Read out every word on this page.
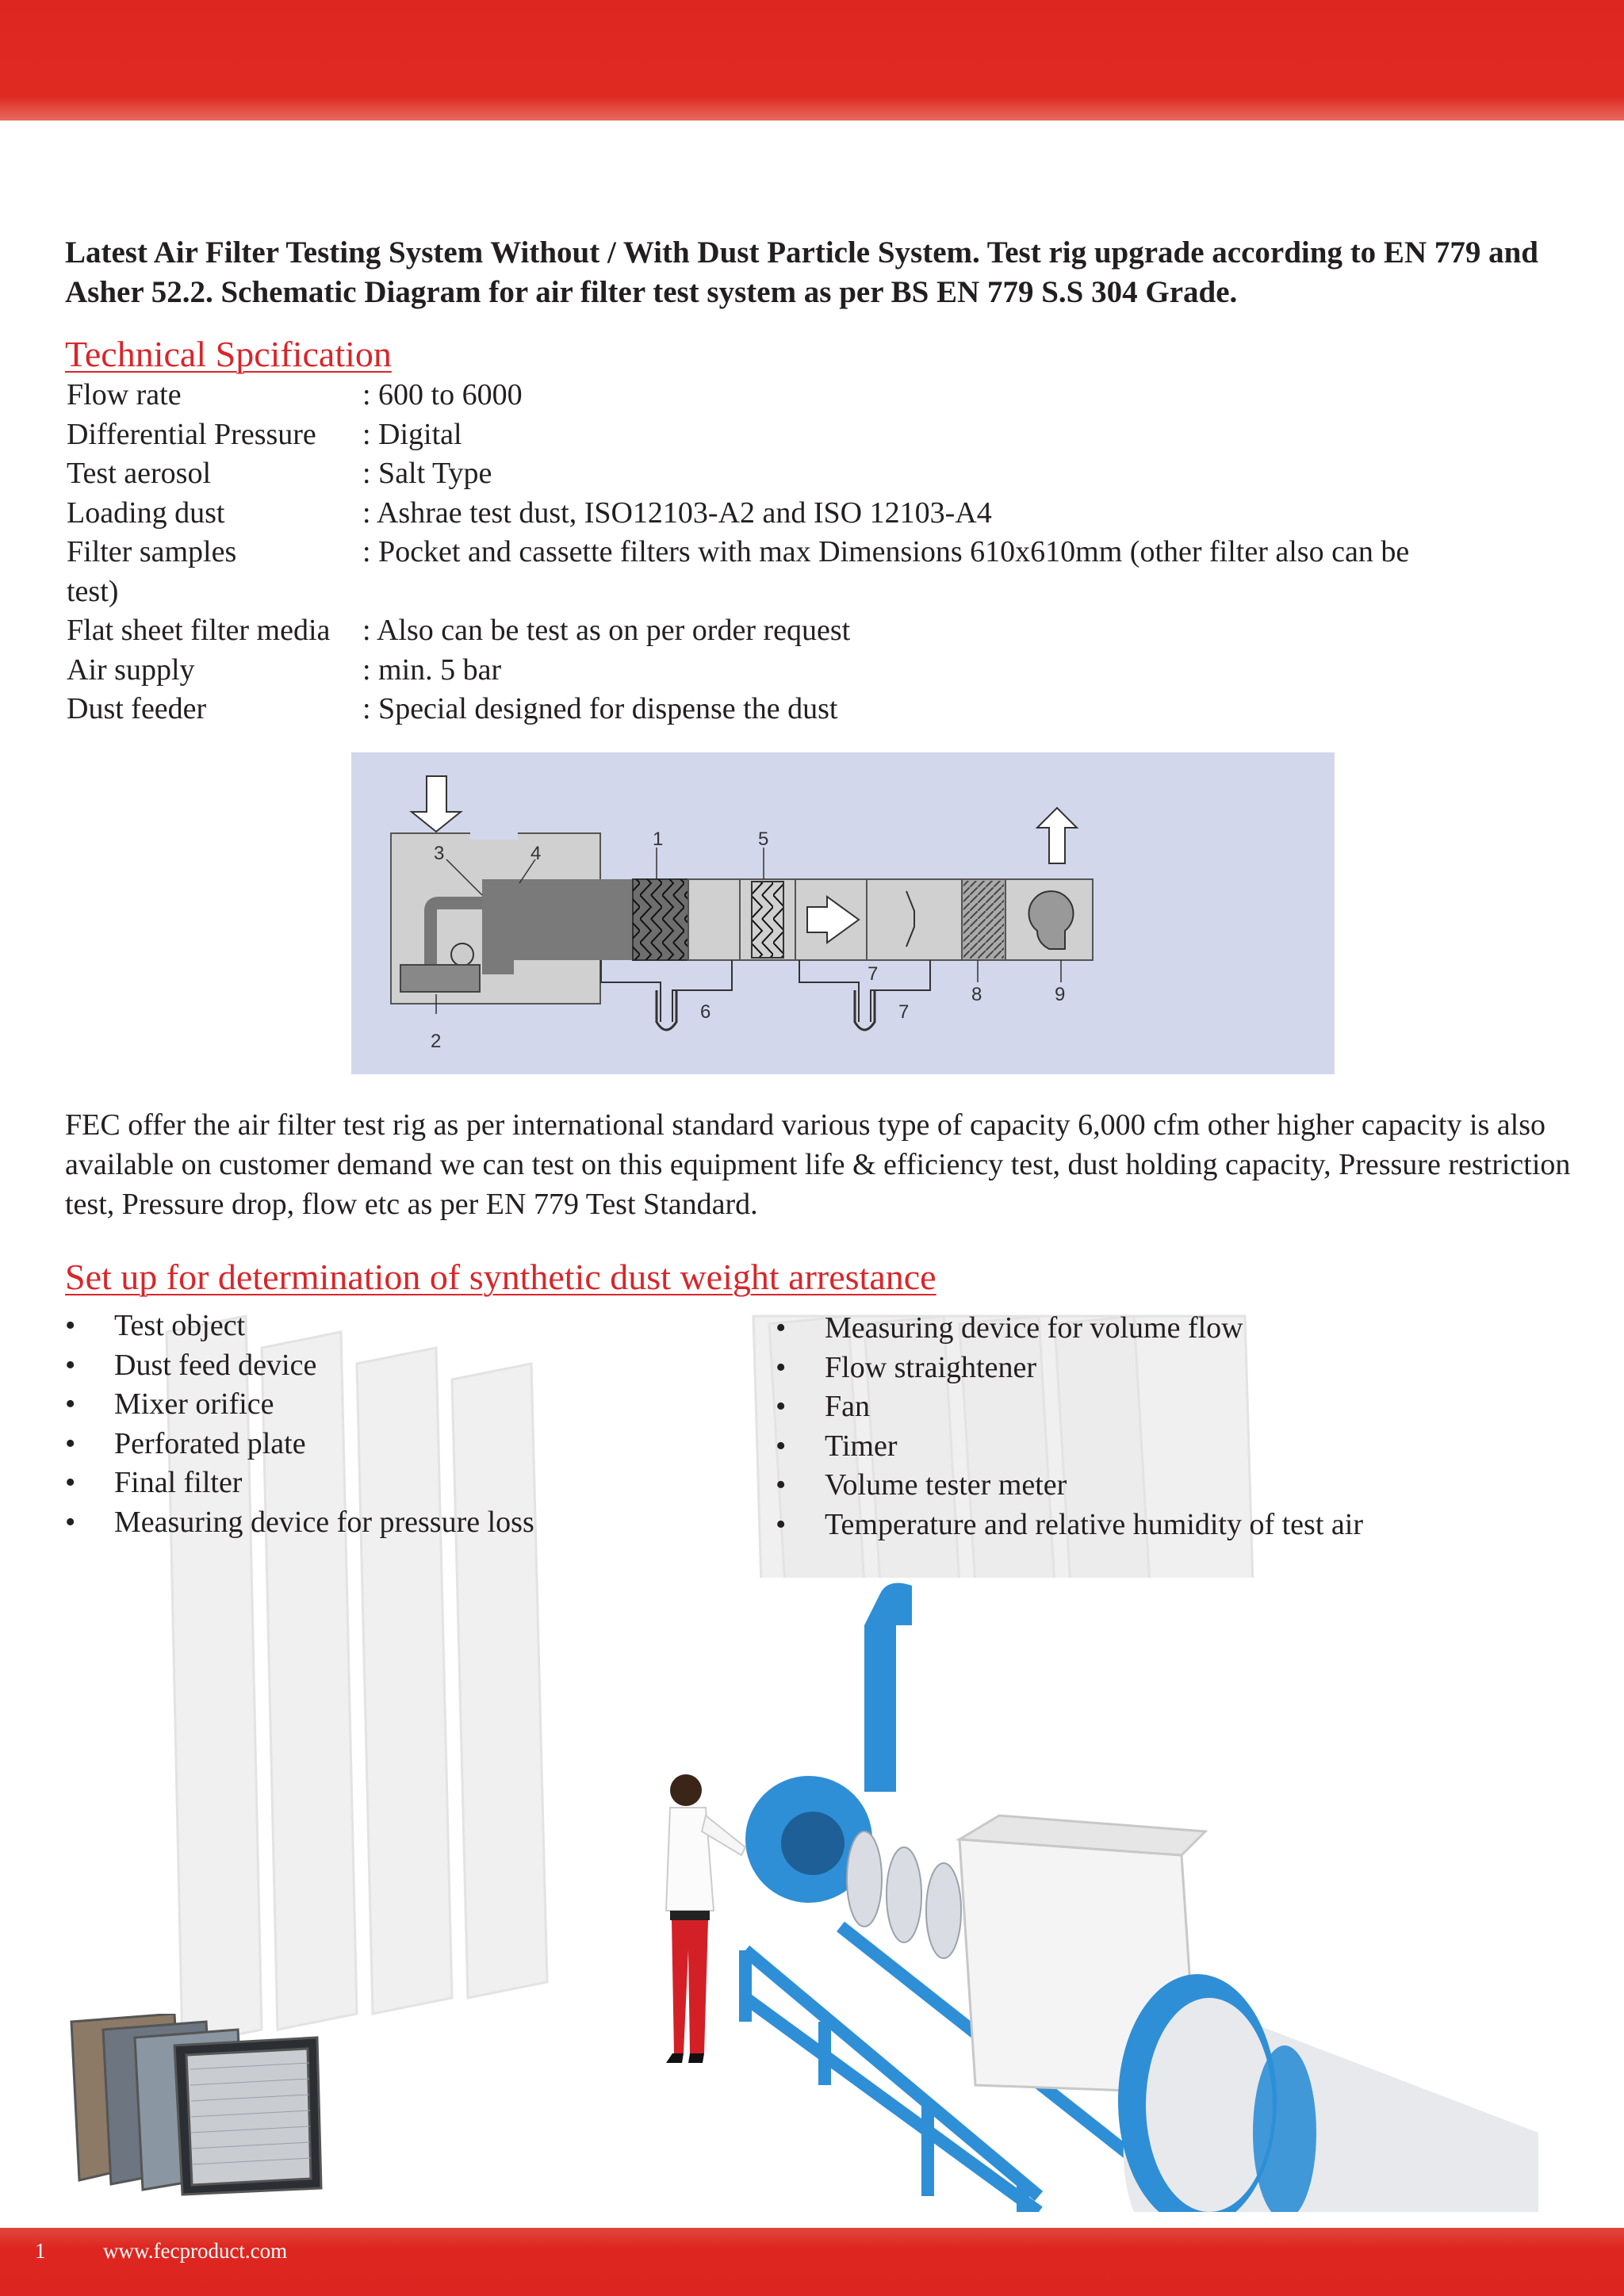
Latest Air Filter Testing System Without / With Dust Particle System. Test rig upgrade according to EN 779 and Asher 52.2. Schematic Diagram for air filter test system as per BS EN 779 S.S 304 Grade.
Technical Spcification
Flow rate	: 600 to 6000
Differential Pressure	: Digital
Test aerosol	: Salt Type
Loading dust	: Ashrae test dust, ISO12103-A2 and ISO 12103-A4
Filter samples	: Pocket and cassette filters with max Dimensions 610x610mm (other filter also can be
test)
Flat sheet filter media	: Also can be test as on per order request
Air supply	: min. 5 bar
Dust feeder	: Special designed for dispense the dust
1
2
3	4
5
6
7
7
8	9
FEC offer the air filter test rig as per international standard various type of capacity 6,000 cfm other higher capacity is also available on customer demand we can test on this equipment life & efficiency test, dust holding capacity, Pressure restriction test, Pressure drop, flow etc as per EN 779 Test Standard.
Set up for determination of synthetic dust weight arrestance
•	Test object
•	Dust feed device
•	Mixer orifice
•	Perforated plate
•	Final filter
•	Measuring device for pressure loss
•	Measuring device for volume flow
•	Flow straightener
•	Fan
•	Timer
•	Volume tester meter
•	Temperature and relative humidity of test air
1	www.fecproduct.com
